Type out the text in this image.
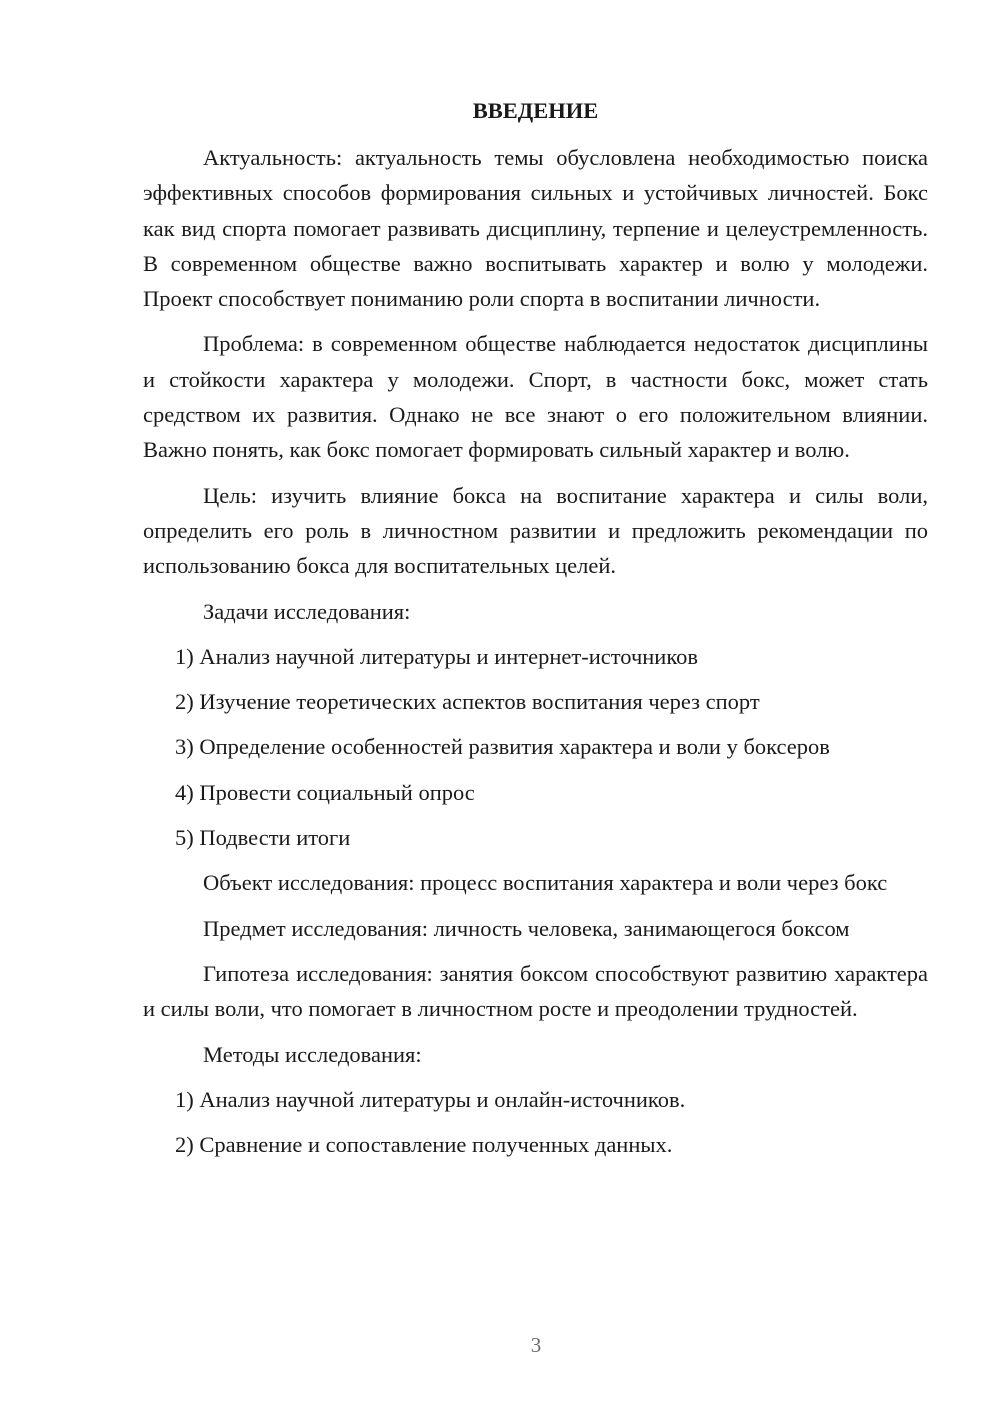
ВВЕДЕНИЕ

Актуальность: актуальность темы обусловлена необходимостью поиска эффективных способов формирования сильных и устойчивых личностей. Бокс как вид спорта помогает развивать дисциплину, терпение и целеустремленность. В современном обществе важно воспитывать характер и волю у молодежи. Проект способствует пониманию роли спорта в воспитании личности.

Проблема: в современном обществе наблюдается недостаток дисциплины и стойкости характера у молодежи. Спорт, в частности бокс, может стать средством их развития. Однако не все знают о его положительном влиянии. Важно понять, как бокс помогает формировать сильный характер и волю.

Цель: изучить влияние бокса на воспитание характера и силы воли, определить его роль в личностном развитии и предложить рекомендации по использованию бокса для воспитательных целей.

Задачи исследования:

1) Анализ научной литературы и интернет-источников

2) Изучение теоретических аспектов воспитания через спорт

3) Определение особенностей развития характера и воли у боксеров

4) Провести социальный опрос

5) Подвести итоги

Объект исследования: процесс воспитания характера и воли через бокс

Предмет исследования: личность человека, занимающегося боксом

Гипотеза исследования: занятия боксом способствуют развитию характера и силы воли, что помогает в личностном росте и преодолении трудностей.

Методы исследования:

1) Анализ научной литературы и онлайн-источников.

2) Сравнение и сопоставление полученных данных.

3
